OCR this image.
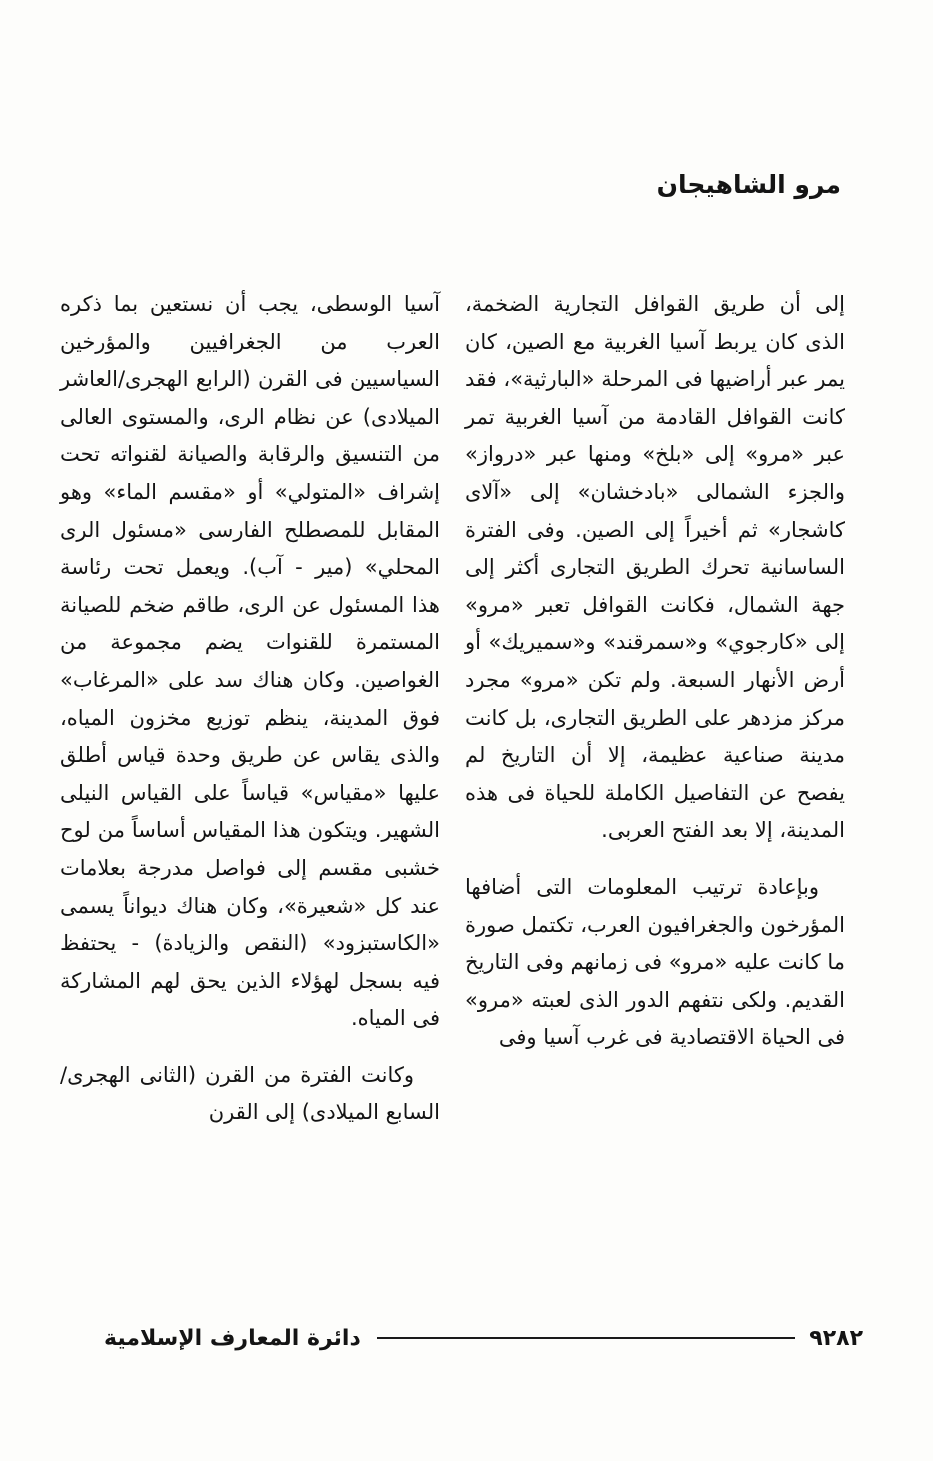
مرو الشاهيجان

إلى أن طريق القوافل التجارية الضخمة، الذى كان يربط آسيا الغربية مع الصين، كان يمر عبر أراضيها فى المرحلة «البارثية»، فقد كانت القوافل القادمة من آسيا الغربية تمر عبر «مرو» إلى «بلخ» ومنها عبر «درواز» والجزء الشمالى «بادخشان» إلى «آلاى كاشجار» ثم أخيراً إلى الصين. وفى الفترة الساسانية تحرك الطريق التجارى أكثر إلى جهة الشمال، فكانت القوافل تعبر «مرو» إلى «كارجوي» و«سمرقند» و«سميريك» أو أرض الأنهار السبعة. ولم تكن «مرو» مجرد مركز مزدهر على الطريق التجارى، بل كانت مدينة صناعية عظيمة، إلا أن التاريخ لم يفصح عن التفاصيل الكاملة للحياة فى هذه المدينة، إلا بعد الفتح العربى.

وبإعادة ترتيب المعلومات التى أضافها المؤرخون والجغرافيون العرب، تكتمل صورة ما كانت عليه «مرو» فى زمانهم وفى التاريخ القديم. ولكى نتفهم الدور الذى لعبته «مرو» فى الحياة الاقتصادية فى غرب آسيا وفى

آسيا الوسطى، يجب أن نستعين بما ذكره العرب من الجغرافيين والمؤرخين السياسيين فى القرن (الرابع الهجرى/العاشر الميلادى) عن نظام الرى، والمستوى العالى من التنسيق والرقابة والصيانة لقنواته تحت إشراف «المتولي» أو «مقسم الماء» وهو المقابل للمصطلح الفارسى «مسئول الرى المحلي» (مير - آب). ويعمل تحت رئاسة هذا المسئول عن الرى، طاقم ضخم للصيانة المستمرة للقنوات يضم مجموعة من الغواصين. وكان هناك سد على «المرغاب» فوق المدينة، ينظم توزيع مخزون المياه، والذى يقاس عن طريق وحدة قياس أطلق عليها «مقياس» قياساً على القياس النيلى الشهير. ويتكون هذا المقياس أساساً من لوح خشبى مقسم إلى فواصل مدرجة بعلامات عند كل «شعيرة»، وكان هناك ديواناً يسمى «الكاستبزود» (النقص والزيادة) - يحتفظ فيه بسجل لهؤلاء الذين يحق لهم المشاركة فى المياه.

وكانت الفترة من القرن (الثانى الهجرى/ السابع الميلادى) إلى القرن

٩٢٨٢
دائرة المعارف الإسلامية
